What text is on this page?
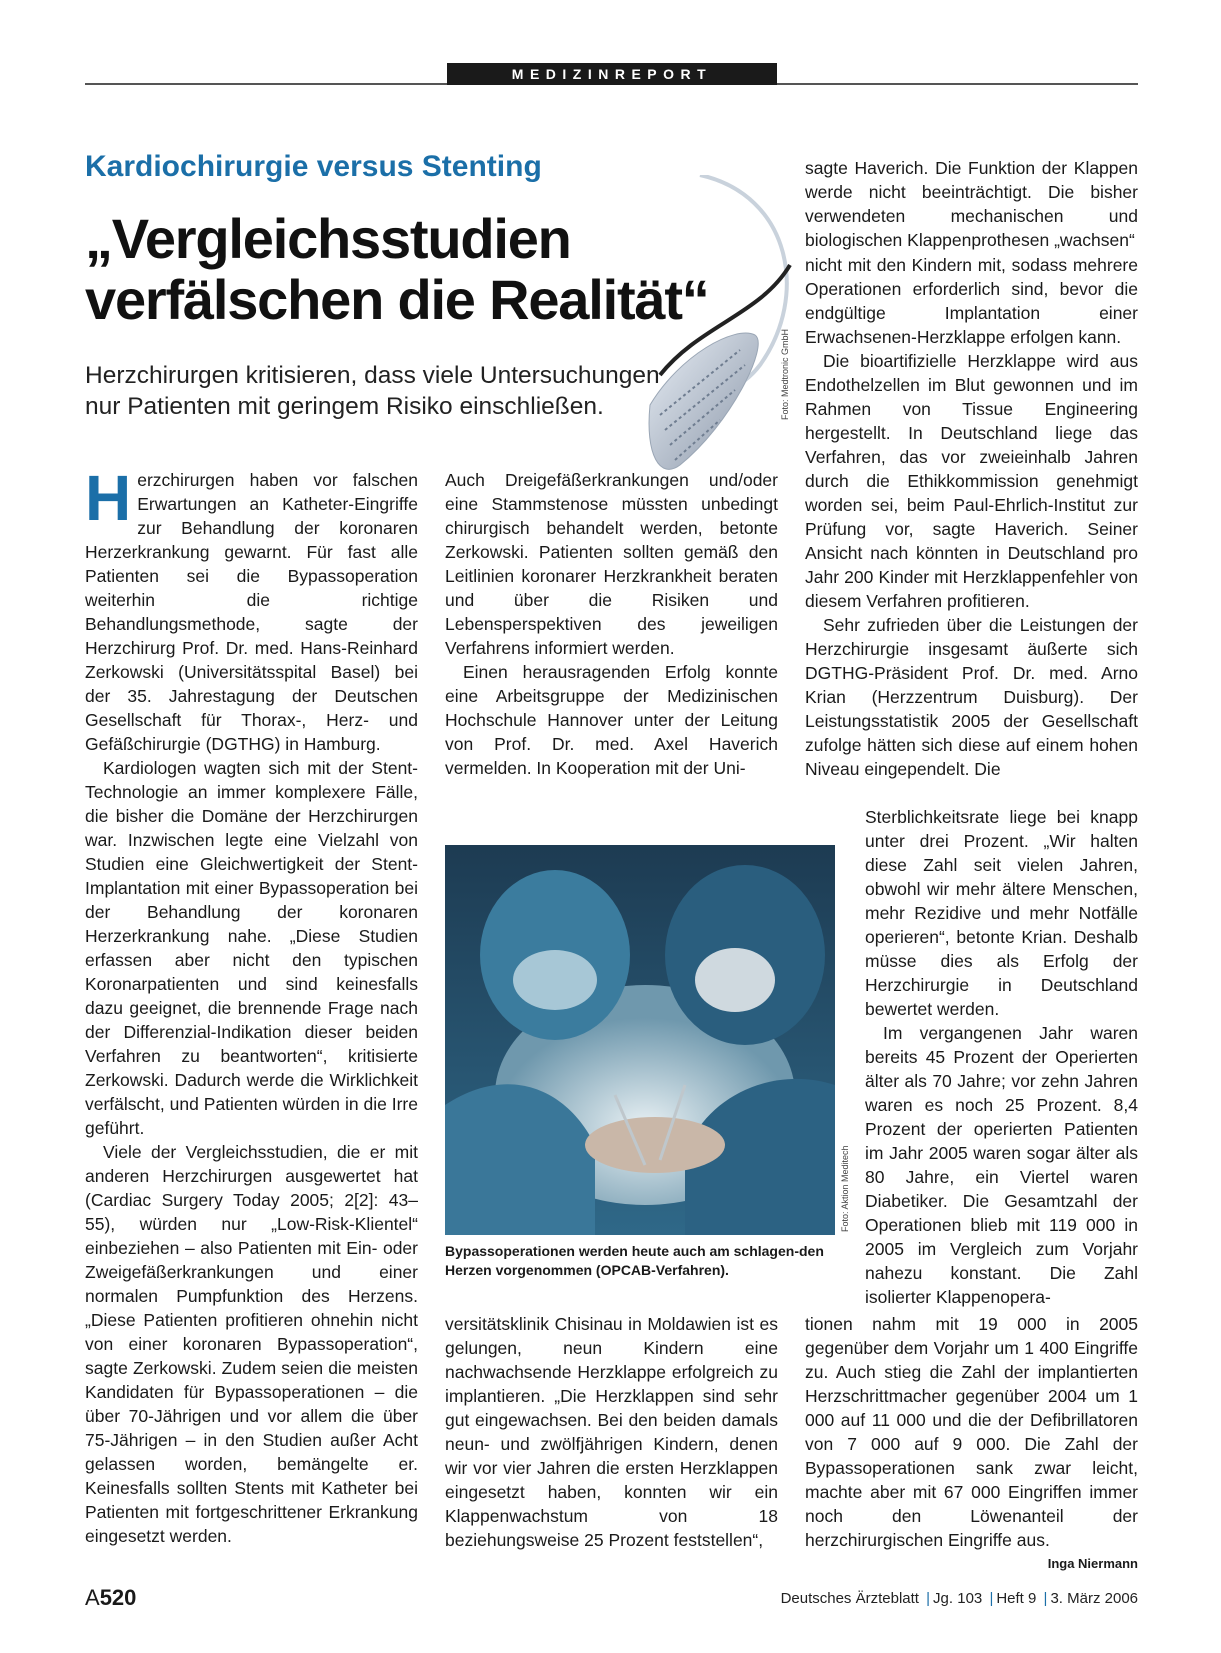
MEDIZINREPORT
Kardiochirurgie versus Stenting
„Vergleichsstudien
verfälschen die Realität“
Herzchirurgen kritisieren, dass viele Untersuchungen
nur Patienten mit geringem Risiko einschließen.	Foto: Medtronic GmbH

Herzchirurgen haben vor falschen Erwartungen an Katheter-Eingriffe zur Behandlung der koronaren Herzerkrankung gewarnt. Für fast alle Patienten sei die Bypassoperation weiterhin die richtige Behandlungsmethode, sagte der Herzchirurg Prof. Dr. med. Hans-Reinhard Zerkowski (Universitätsspital Basel) bei der 35. Jahrestagung der Deutschen Gesellschaft für Thorax-, Herz- und Gefäßchirurgie (DGTHG) in Hamburg.

Kardiologen wagten sich mit der Stent-Technologie an immer komplexere Fälle, die bisher die Domäne der Herzchirurgen war. Inzwischen legte eine Vielzahl von Studien eine Gleichwertigkeit der Stent-Implantation mit einer Bypassoperation bei der Behandlung der koronaren Herzerkrankung nahe. „Diese Studien erfassen aber nicht den typischen Koronarpatienten und sind keinesfalls dazu geeignet, die brennende Frage nach der Differenzial-Indikation dieser beiden Verfahren zu beantworten“, kritisierte Zerkowski. Dadurch werde die Wirklichkeit verfälscht, und Patienten würden in die Irre geführt.

Viele der Vergleichsstudien, die er mit anderen Herzchirurgen ausgewertet hat (Cardiac Surgery Today 2005; 2[2]: 43–55), würden nur „Low-Risk-Klientel“ einbeziehen – also Patienten mit Ein- oder Zweigefäßerkrankungen und einer normalen Pumpfunktion des Herzens. „Diese Patienten profitieren ohnehin nicht von einer koronaren Bypassoperation“, sagte Zerkowski. Zudem seien die meisten Kandidaten für Bypassoperationen – die über 70-Jährigen und vor allem die über 75-Jährigen – in den Studien außer Acht gelassen worden, bemängelte er. Keinesfalls sollten Stents mit Katheter bei Patienten mit fortgeschrittener Erkrankung eingesetzt werden.

Auch Dreigefäßerkrankungen und/oder eine Stammstenose müssten unbedingt chirurgisch behandelt werden, betonte Zerkowski. Patienten sollten gemäß den Leitlinien koronarer Herzkrankheit beraten und über die Risiken und Lebensperspektiven des jeweiligen Verfahrens informiert werden.

Einen herausragenden Erfolg konnte eine Arbeitsgruppe der Medizinischen Hochschule Hannover unter der Leitung von Prof. Dr. med. Axel Haverich vermelden. In Kooperation mit der Uni-

Foto: Aktion Meditech
Bypassoperationen werden heute auch am schlagen-den Herzen vorgenommen (OPCAB-Verfahren).

versitätsklinik Chisinau in Moldawien ist es gelungen, neun Kindern eine nachwachsende Herzklappe erfolgreich zu implantieren. „Die Herzklappen sind sehr gut eingewachsen. Bei den beiden damals neun- und zwölfjährigen Kindern, denen wir vor vier Jahren die ersten Herzklappen eingesetzt haben, konnten wir ein Klappenwachstum von 18 beziehungsweise 25 Prozent feststellen“,

sagte Haverich. Die Funktion der Klappen werde nicht beeinträchtigt. Die bisher verwendeten mechanischen und biologischen Klappenprothesen „wachsen“

nicht mit den Kindern mit, sodass mehrere Operationen erforderlich sind, bevor die endgültige Implantation einer Erwachsenen-Herzklappe erfolgen kann.

Die bioartifizielle Herzklappe wird aus Endothelzellen im Blut gewonnen und im Rahmen von Tissue Engineering hergestellt. In Deutschland liege das Verfahren, das vor zweieinhalb Jahren durch die Ethikkommission genehmigt worden sei, beim Paul-Ehrlich-Institut zur Prüfung vor, sagte Haverich. Seiner Ansicht nach könnten in Deutschland pro Jahr 200 Kinder mit Herzklappenfehler von diesem Verfahren profitieren.

Sehr zufrieden über die Leistungen der Herzchirurgie insgesamt äußerte sich DGTHG-Präsident Prof. Dr. med. Arno Krian (Herzzentrum Duisburg). Der Leistungsstatistik 2005 der Gesellschaft zufolge hätten sich diese auf einem hohen Niveau eingependelt. Die

Sterblichkeitsrate liege bei knapp unter drei Prozent. „Wir halten diese Zahl seit vielen Jahren, obwohl wir mehr ältere Menschen, mehr Rezidive und mehr Notfälle operieren“, betonte Krian. Deshalb müsse dies als Erfolg der Herzchirurgie in Deutschland bewertet werden.

Im vergangenen Jahr waren bereits 45 Prozent der Operierten älter als 70 Jahre; vor zehn Jahren waren es noch 25 Prozent. 8,4 Prozent der operierten Patienten im Jahr 2005 waren sogar älter als 80 Jahre, ein Viertel waren Diabetiker. Die Gesamtzahl der Operationen blieb mit 119 000 in 2005 im Vergleich zum Vorjahr nahezu konstant. Die Zahl isolierter Klappenopera-

tionen nahm mit 19 000 in 2005 gegenüber dem Vorjahr um 1 400 Eingriffe zu. Auch stieg die Zahl der implantierten Herzschrittmacher gegenüber 2004 um 1 000 auf 11 000 und die der Defibrillatoren von 7 000 auf 9 000. Die Zahl der Bypassoperationen sank zwar leicht, machte aber mit 67 000 Eingriffen immer noch den Löwenanteil der herzchirurgischen Eingriffe aus.
Inga Niermann

A520	Deutsches Ärzteblatt | Jg. 103 | Heft 9 | 3. März 2006
